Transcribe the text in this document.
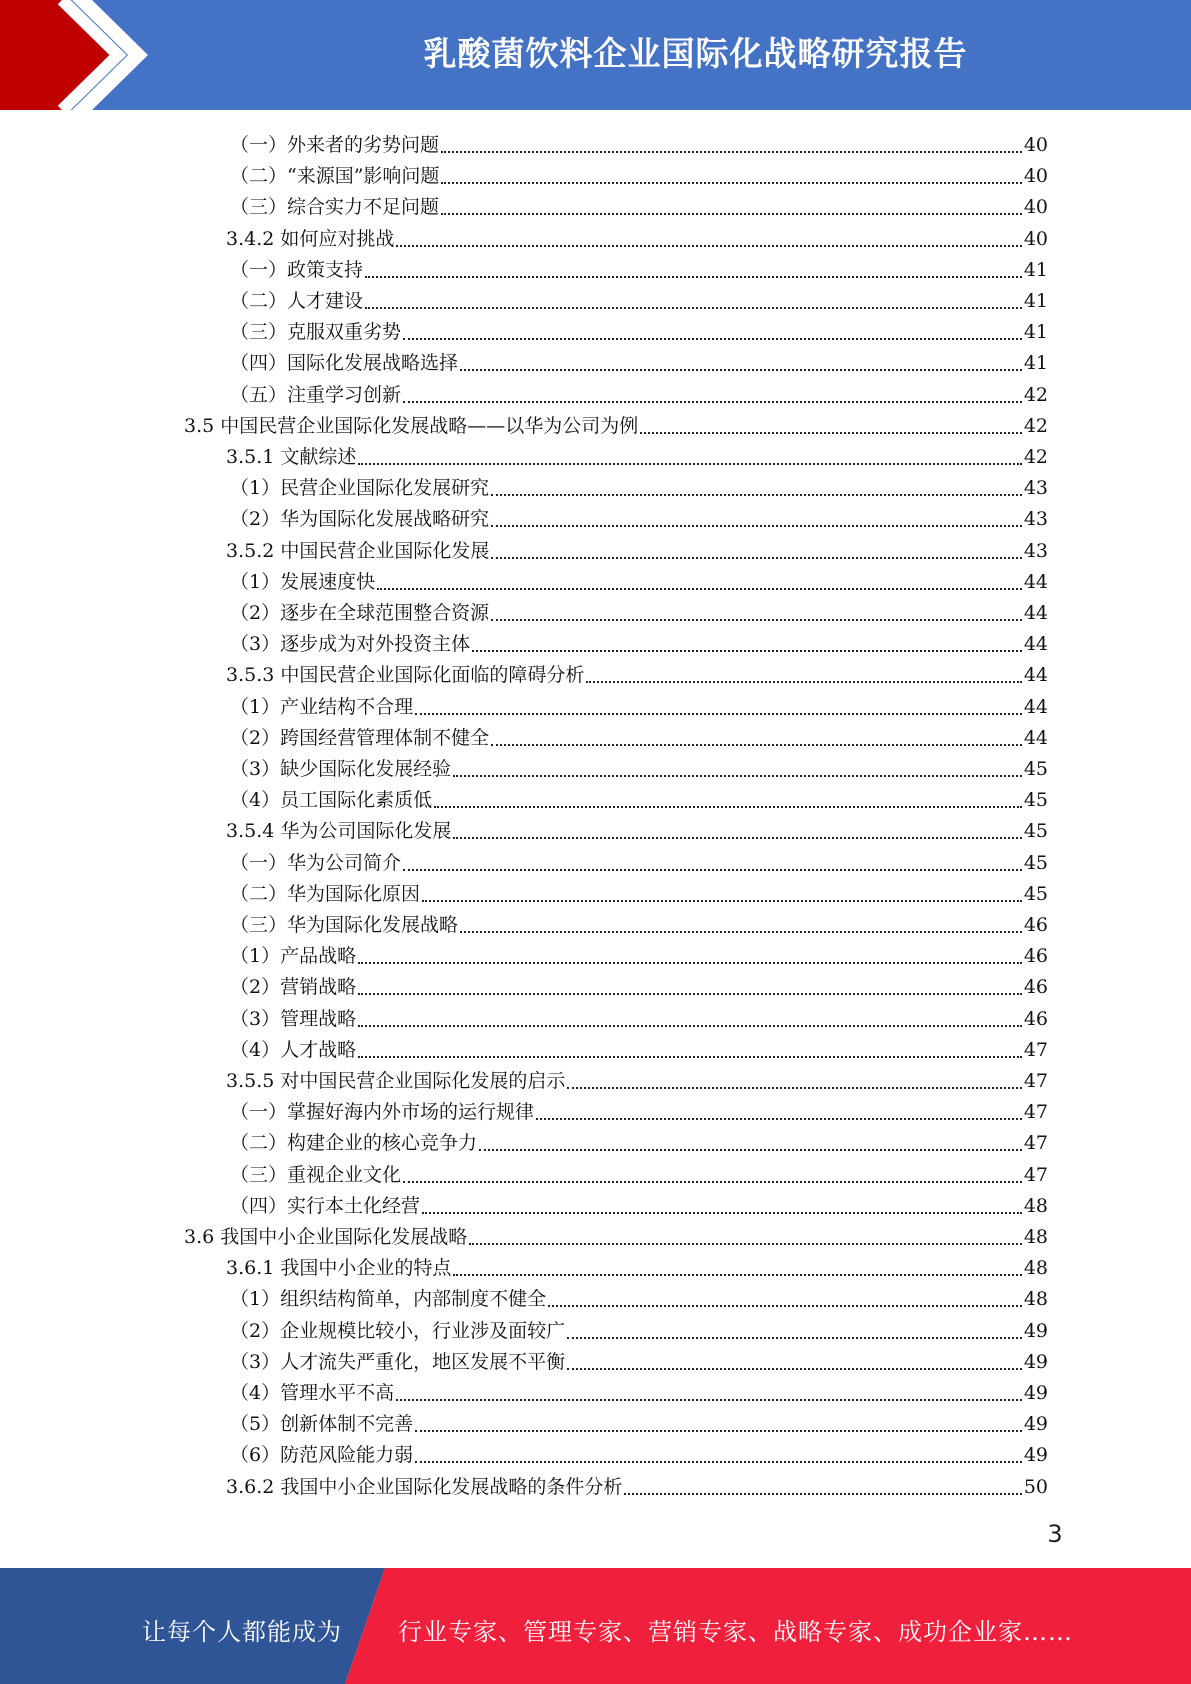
乳酸菌饮料企业国际化战略研究报告
（一）外来者的劣势问题	40
（二）“来源国”影响问题	40
（三）综合实力不足问题	40
3.4.2 如何应对挑战	40
（一）政策支持	41
（二）人才建设	41
（三）克服双重劣势	41
（四）国际化发展战略选择	41
（五）注重学习创新	42
3.5 中国民营企业国际化发展战略——以华为公司为例	42
3.5.1 文献综述	42
（1）民营企业国际化发展研究	43
（2）华为国际化发展战略研究	43
3.5.2 中国民营企业国际化发展	43
（1）发展速度快	44
（2）逐步在全球范围整合资源	44
（3）逐步成为对外投资主体	44
3.5.3 中国民营企业国际化面临的障碍分析	44
（1）产业结构不合理	44
（2）跨国经营管理体制不健全	44
（3）缺少国际化发展经验	45
（4）员工国际化素质低	45
3.5.4 华为公司国际化发展	45
（一）华为公司简介	45
（二）华为国际化原因	45
（三）华为国际化发展战略	46
（1）产品战略	46
（2）营销战略	46
（3）管理战略	46
（4）人才战略	47
3.5.5 对中国民营企业国际化发展的启示	47
（一）掌握好海内外市场的运行规律	47
（二）构建企业的核心竞争力	47
（三）重视企业文化	47
（四）实行本土化经营	48
3.6 我国中小企业国际化发展战略	48
3.6.1 我国中小企业的特点	48
（1）组织结构简单，内部制度不健全	48
（2）企业规模比较小，行业涉及面较广	49
（3）人才流失严重化，地区发展不平衡	49
（4）管理水平不高	49
（5）创新体制不完善	49
（6）防范风险能力弱	49
3.6.2 我国中小企业国际化发展战略的条件分析	50
3
让每个人都能成为 行业专家、管理专家、营销专家、战略专家、成功企业家……
